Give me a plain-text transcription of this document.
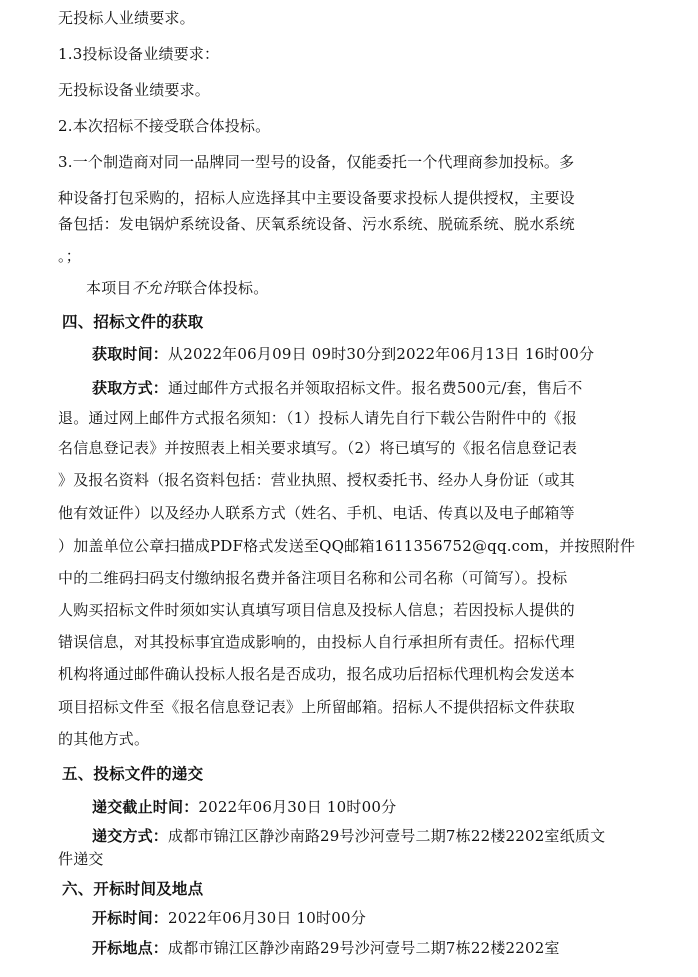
无投标人业绩要求。
1.3投标设备业绩要求：
无投标设备业绩要求。
2.本次招标不接受联合体投标。
3.一个制造商对同一品牌同一型号的设备，仅能委托一个代理商参加投标。多
种设备打包采购的，招标人应选择其中主要设备要求投标人提供授权，主要设
备包括：发电锅炉系统设备、厌氧系统设备、污水系统、脱硫系统、脱水系统
。；
本项目不允许联合体投标。
四、招标文件的获取
获取时间：从2022年06月09日 09时30分到2022年06月13日 16时00分
获取方式：通过邮件方式报名并领取招标文件。报名费500元/套，售后不
退。通过网上邮件方式报名须知：（1）投标人请先自行下载公告附件中的《报
名信息登记表》并按照表上相关要求填写。（2）将已填写的《报名信息登记表
》及报名资料（报名资料包括：营业执照、授权委托书、经办人身份证（或其
他有效证件）以及经办人联系方式（姓名、手机、电话、传真以及电子邮箱等
）加盖单位公章扫描成PDF格式发送至QQ邮箱1611356752@qq.com，并按照附件
中的二维码扫码支付缴纳报名费并备注项目名称和公司名称（可简写）。投标
人购买招标文件时须如实认真填写项目信息及投标人信息；若因投标人提供的
错误信息，对其投标事宜造成影响的，由投标人自行承担所有责任。招标代理
机构将通过邮件确认投标人报名是否成功，报名成功后招标代理机构会发送本
项目招标文件至《报名信息登记表》上所留邮箱。招标人不提供招标文件获取
的其他方式。
五、投标文件的递交
递交截止时间：2022年06月30日 10时00分
递交方式：成都市锦江区静沙南路29号沙河壹号二期7栋22楼2202室纸质文
件递交
六、开标时间及地点
开标时间：2022年06月30日 10时00分
开标地点：成都市锦江区静沙南路29号沙河壹号二期7栋22楼2202室
